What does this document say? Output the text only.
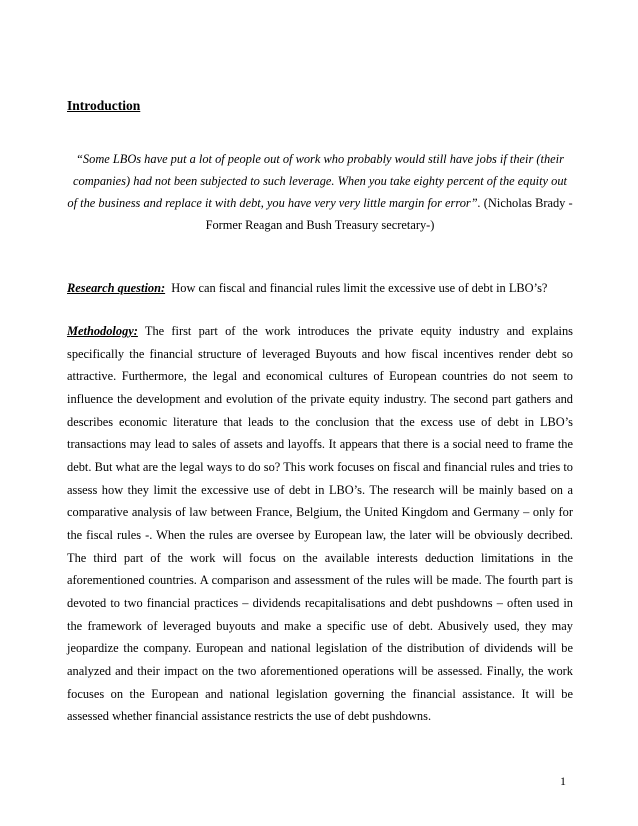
Introduction

“Some LBOs have put a lot of people out of work who probably would still have jobs if their (their companies) had not been subjected to such leverage. When you take eighty percent of the equity out of the business and replace it with debt, you have very very little margin for error”. (Nicholas Brady -Former Reagan and Bush Treasury secretary-)

Research question:  How can fiscal and financial rules limit the excessive use of debt in LBO’s?

Methodology: The first part of the work introduces the private equity industry and explains specifically the financial structure of leveraged Buyouts and how fiscal incentives render debt so attractive. Furthermore, the legal and economical cultures of European countries do not seem to influence the development and evolution of the private equity industry. The second part gathers and describes economic literature that leads to the conclusion that the excess use of debt in LBO’s transactions may lead to sales of assets and layoffs. It appears that there is a social need to frame the debt. But what are the legal ways to do so? This work focuses on fiscal and financial rules and tries to assess how they limit the excessive use of debt in LBO’s. The research will be mainly based on a comparative analysis of law between France, Belgium, the United Kingdom and Germany – only for the fiscal rules -. When the rules are oversee by European law, the later will be obviously decribed. The third part of the work will focus on the available interests deduction limitations in the aforementioned countries. A comparison and assessment of the rules will be made. The fourth part is devoted to two financial practices – dividends recapitalisations and debt pushdowns – often used in the framework of leveraged buyouts and make a specific use of debt. Abusively used, they may jeopardize the company. European and national legislation of the distribution of dividends will be analyzed and their impact on the two aforementioned operations will be assessed. Finally, the work focuses on the European and national legislation governing the financial assistance. It will be assessed whether financial assistance restricts the use of debt pushdowns.

1
